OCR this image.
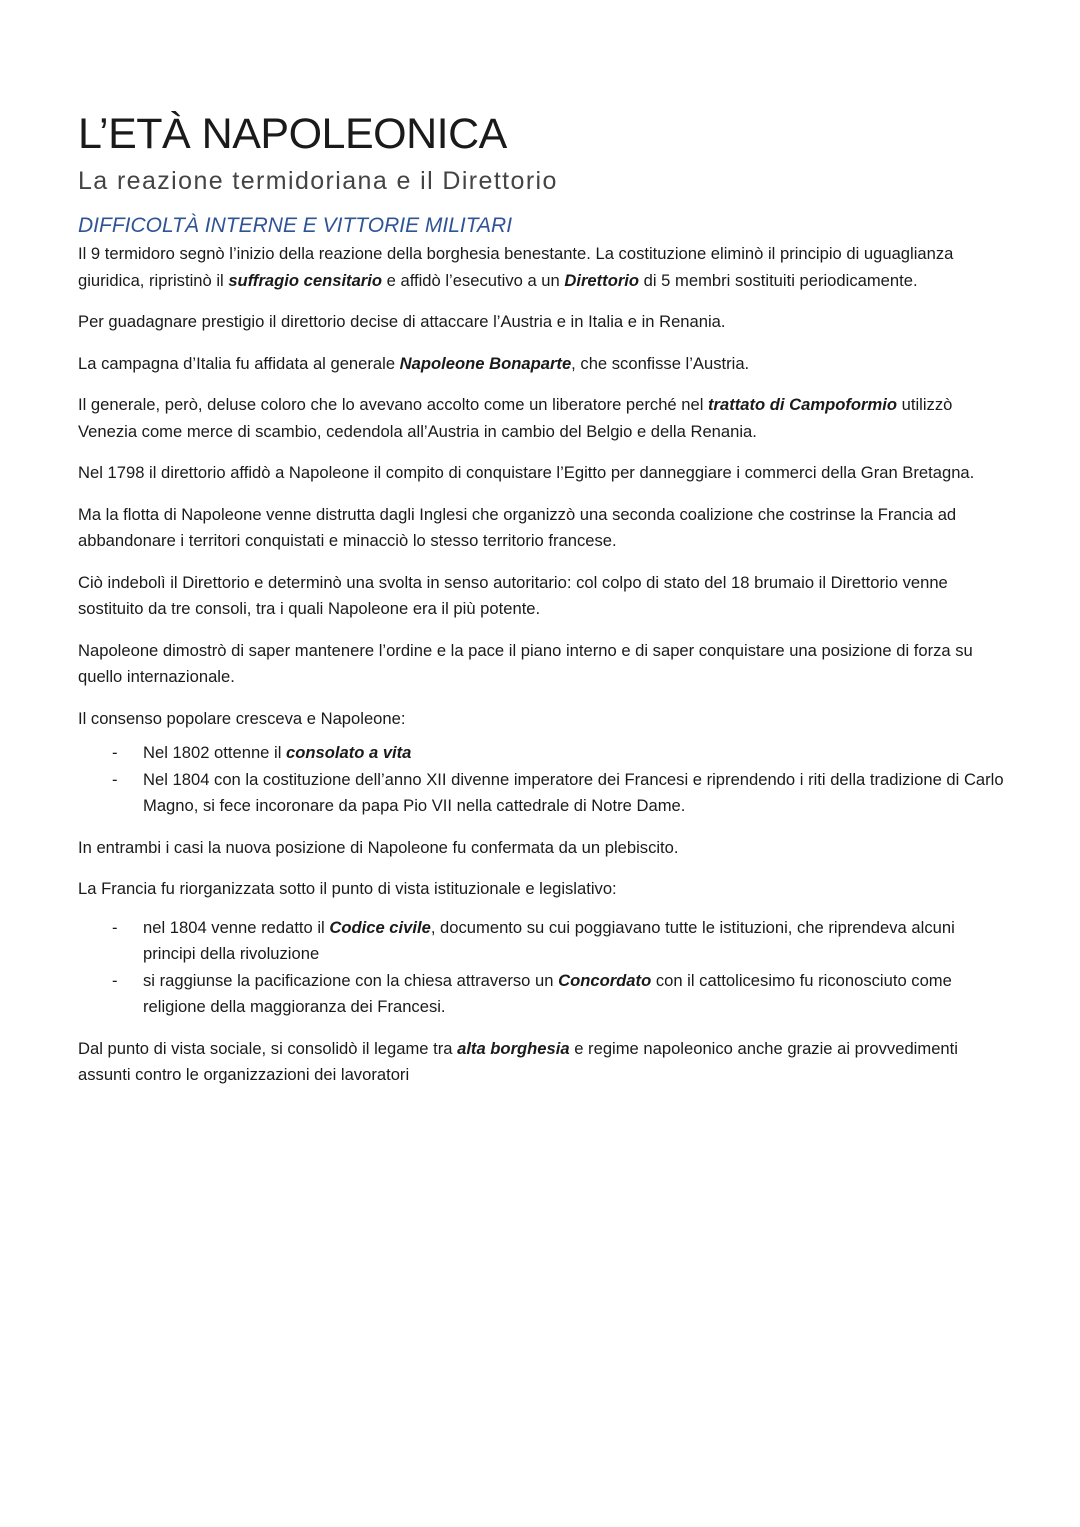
L’ETÀ NAPOLEONICA
La reazione termidoriana e il Direttorio
DIFFICOLTÀ INTERNE E VITTORIE MILITARI

Il 9 termidoro segnò l’inizio della reazione della borghesia benestante. La costituzione eliminò il principio di uguaglianza giuridica, ripristinò il suffragio censitario e affidò l’esecutivo a un Direttorio di 5 membri sostituiti periodicamente.

Per guadagnare prestigio il direttorio decise di attaccare l’Austria e in Italia e in Renania.

La campagna d’Italia fu affidata al generale Napoleone Bonaparte, che sconfisse l’Austria.

Il generale, però, deluse coloro che lo avevano accolto come un liberatore perché nel trattato di Campoformio utilizzò Venezia come merce di scambio, cedendola all’Austria in cambio del Belgio e della Renania.

Nel 1798 il direttorio affidò a Napoleone il compito di conquistare l’Egitto per danneggiare i commerci della Gran Bretagna.

Ma la flotta di Napoleone venne distrutta dagli Inglesi che organizzò una seconda coalizione che costrinse la Francia ad abbandonare i territori conquistati e minacciò lo stesso territorio francese.

Ciò indebolì il Direttorio e determinò una svolta in senso autoritario: col colpo di stato del 18 brumaio il Direttorio venne sostituito da tre consoli, tra i quali Napoleone era il più potente.

Napoleone dimostrò di saper mantenere l’ordine e la pace il piano interno e di saper conquistare una posizione di forza su quello internazionale.

Il consenso popolare cresceva e Napoleone:

- Nel 1802 ottenne il consolato a vita
- Nel 1804 con la costituzione dell’anno XII divenne imperatore dei Francesi e riprendendo i riti della tradizione di Carlo Magno, si fece incoronare da papa Pio VII nella cattedrale di Notre Dame.

In entrambi i casi la nuova posizione di Napoleone fu confermata da un plebiscito.

La Francia fu riorganizzata sotto il punto di vista istituzionale e legislativo:

- nel 1804 venne redatto il Codice civile, documento su cui poggiavano tutte le istituzioni, che riprendeva alcuni principi della rivoluzione
- si raggiunse la pacificazione con la chiesa attraverso un Concordato con il cattolicesimo fu riconosciuto come religione della maggioranza dei Francesi.

Dal punto di vista sociale, si consolidò il legame tra alta borghesia e regime napoleonico anche grazie ai provvedimenti assunti contro le organizzazioni dei lavoratori
